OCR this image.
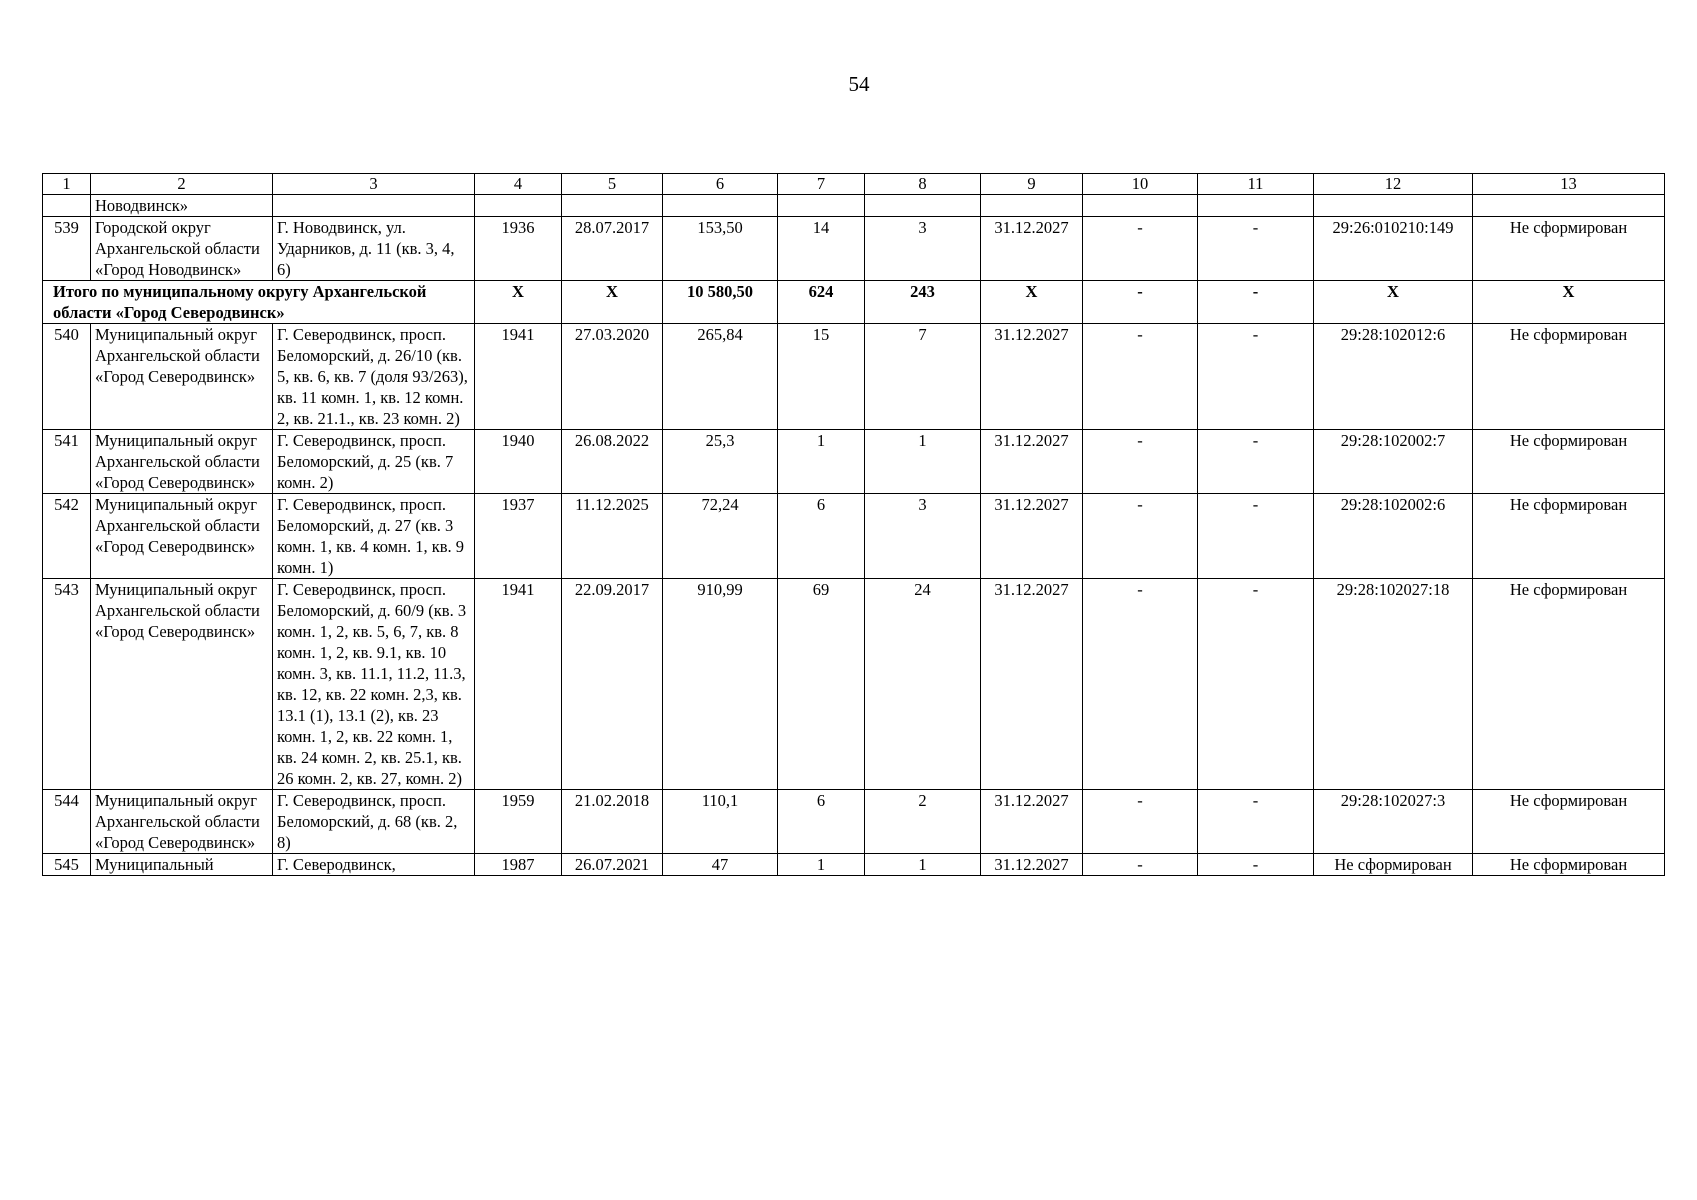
54
1	2	3	4	5	6	7	8	9	10	11	12	13
	Новодвинск»											
539	Городской округ Архангельской области «Город Новодвинск»	Г. Новодвинск, ул. Ударников, д. 11 (кв. 3, 4, 6)	1936	28.07.2017	153,50	14	3	31.12.2027	-	-	29:26:010210:149	Не сформирован
Итого по муниципальному округу Архангельской области «Город Северодвинск»			X	X	10 580,50	624	243	X	-	-	X	X
540	Муниципальный округ Архангельской области «Город Северодвинск»	Г. Северодвинск, просп. Беломорский, д. 26/10 (кв. 5, кв. 6, кв. 7 (доля 93/263), кв. 11 комн. 1, кв. 12 комн. 2, кв. 21.1., кв. 23 комн. 2)	1941	27.03.2020	265,84	15	7	31.12.2027	-	-	29:28:102012:6	Не сформирован
541	Муниципальный округ Архангельской области «Город Северодвинск»	Г. Северодвинск, просп. Беломорский, д. 25 (кв. 7 комн. 2)	1940	26.08.2022	25,3	1	1	31.12.2027	-	-	29:28:102002:7	Не сформирован
542	Муниципальный округ Архангельской области «Город Северодвинск»	Г. Северодвинск, просп. Беломорский, д. 27 (кв. 3 комн. 1, кв. 4 комн. 1, кв. 9 комн. 1)	1937	11.12.2025	72,24	6	3	31.12.2027	-	-	29:28:102002:6	Не сформирован
543	Муниципальный округ Архангельской области «Город Северодвинск»	Г. Северодвинск, просп. Беломорский, д. 60/9 (кв. 3 комн. 1, 2, кв. 5, 6, 7, кв. 8 комн. 1, 2, кв. 9.1, кв. 10 комн. 3, кв. 11.1, 11.2, 11.3, кв. 12, кв. 22 комн. 2,3, кв. 13.1 (1), 13.1 (2), кв. 23 комн. 1, 2, кв. 22 комн. 1, кв. 24 комн. 2, кв. 25.1, кв. 26 комн. 2, кв. 27, комн. 2)	1941	22.09.2017	910,99	69	24	31.12.2027	-	-	29:28:102027:18	Не сформирован
544	Муниципальный округ Архангельской области «Город Северодвинск»	Г. Северодвинск, просп. Беломорский, д. 68 (кв. 2, 8)	1959	21.02.2018	110,1	6	2	31.12.2027	-	-	29:28:102027:3	Не сформирован
545	Муниципальный	Г. Северодвинск,	1987	26.07.2021	47	1	1	31.12.2027	-	-	Не сформирован	Не сформирован
